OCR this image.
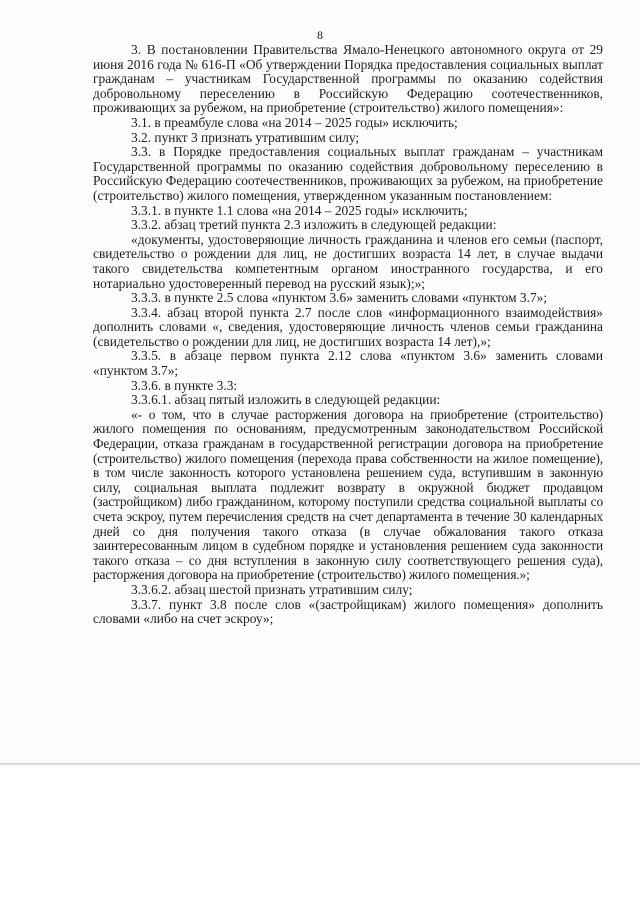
8

3. В постановлении Правительства Ямало-Ненецкого автономного округа от 29 июня 2016 года № 616-П «Об утверждении Порядка предоставления социальных выплат гражданам – участникам Государственной программы по оказанию содействия добровольному переселению в Российскую Федерацию соотечественников, проживающих за рубежом, на приобретение (строительство) жилого помещения»:

3.1. в преамбуле слова «на 2014 – 2025 годы» исключить;

3.2. пункт 3 признать утратившим силу;

3.3. в Порядке предоставления социальных выплат гражданам – участникам Государственной программы по оказанию содействия добровольному переселению в Российскую Федерацию соотечественников, проживающих за рубежом, на приобретение (строительство) жилого помещения, утвержденном указанным постановлением:

3.3.1. в пункте 1.1 слова «на 2014 – 2025 годы» исключить;

3.3.2. абзац третий пункта 2.3 изложить в следующей редакции:

«документы, удостоверяющие личность гражданина и членов его семьи (паспорт, свидетельство о рождении для лиц, не достигших возраста 14 лет, в случае выдачи такого свидетельства компетентным органом иностранного государства, и его нотариально удостоверенный перевод на русский язык);»;

3.3.3. в пункте 2.5 слова «пунктом 3.6» заменить словами «пунктом 3.7»;

3.3.4. абзац второй пункта 2.7 после слов «информационного взаимодействия» дополнить словами «, сведения, удостоверяющие личность членов семьи гражданина (свидетельство о рождении для лиц, не достигших возраста 14 лет),»;

3.3.5. в абзаце первом пункта 2.12 слова «пунктом 3.6» заменить словами «пунктом 3.7»;

3.3.6. в пункте 3.3:

3.3.6.1. абзац пятый изложить в следующей редакции:

«- о том, что в случае расторжения договора на приобретение (строительство) жилого помещения по основаниям, предусмотренным законодательством Российской Федерации, отказа гражданам в государственной регистрации договора на приобретение (строительство) жилого помещения (перехода права собственности на жилое помещение), в том числе законность которого установлена решением суда, вступившим в законную силу, социальная выплата подлежит возврату в окружной бюджет продавцом (застройщиком) либо гражданином, которому поступили средства социальной выплаты со счета эскроу, путем перечисления средств на счет департамента в течение 30 календарных дней со дня получения такого отказа (в случае обжалования такого отказа заинтересованным лицом в судебном порядке и установления решением суда законности такого отказа – со дня вступления в законную силу соответствующего решения суда), расторжения договора на приобретение (строительство) жилого помещения.»;

3.3.6.2. абзац шестой признать утратившим силу;

3.3.7. пункт 3.8 после слов «(застройщикам) жилого помещения» дополнить словами «либо на счет эскроу»;
